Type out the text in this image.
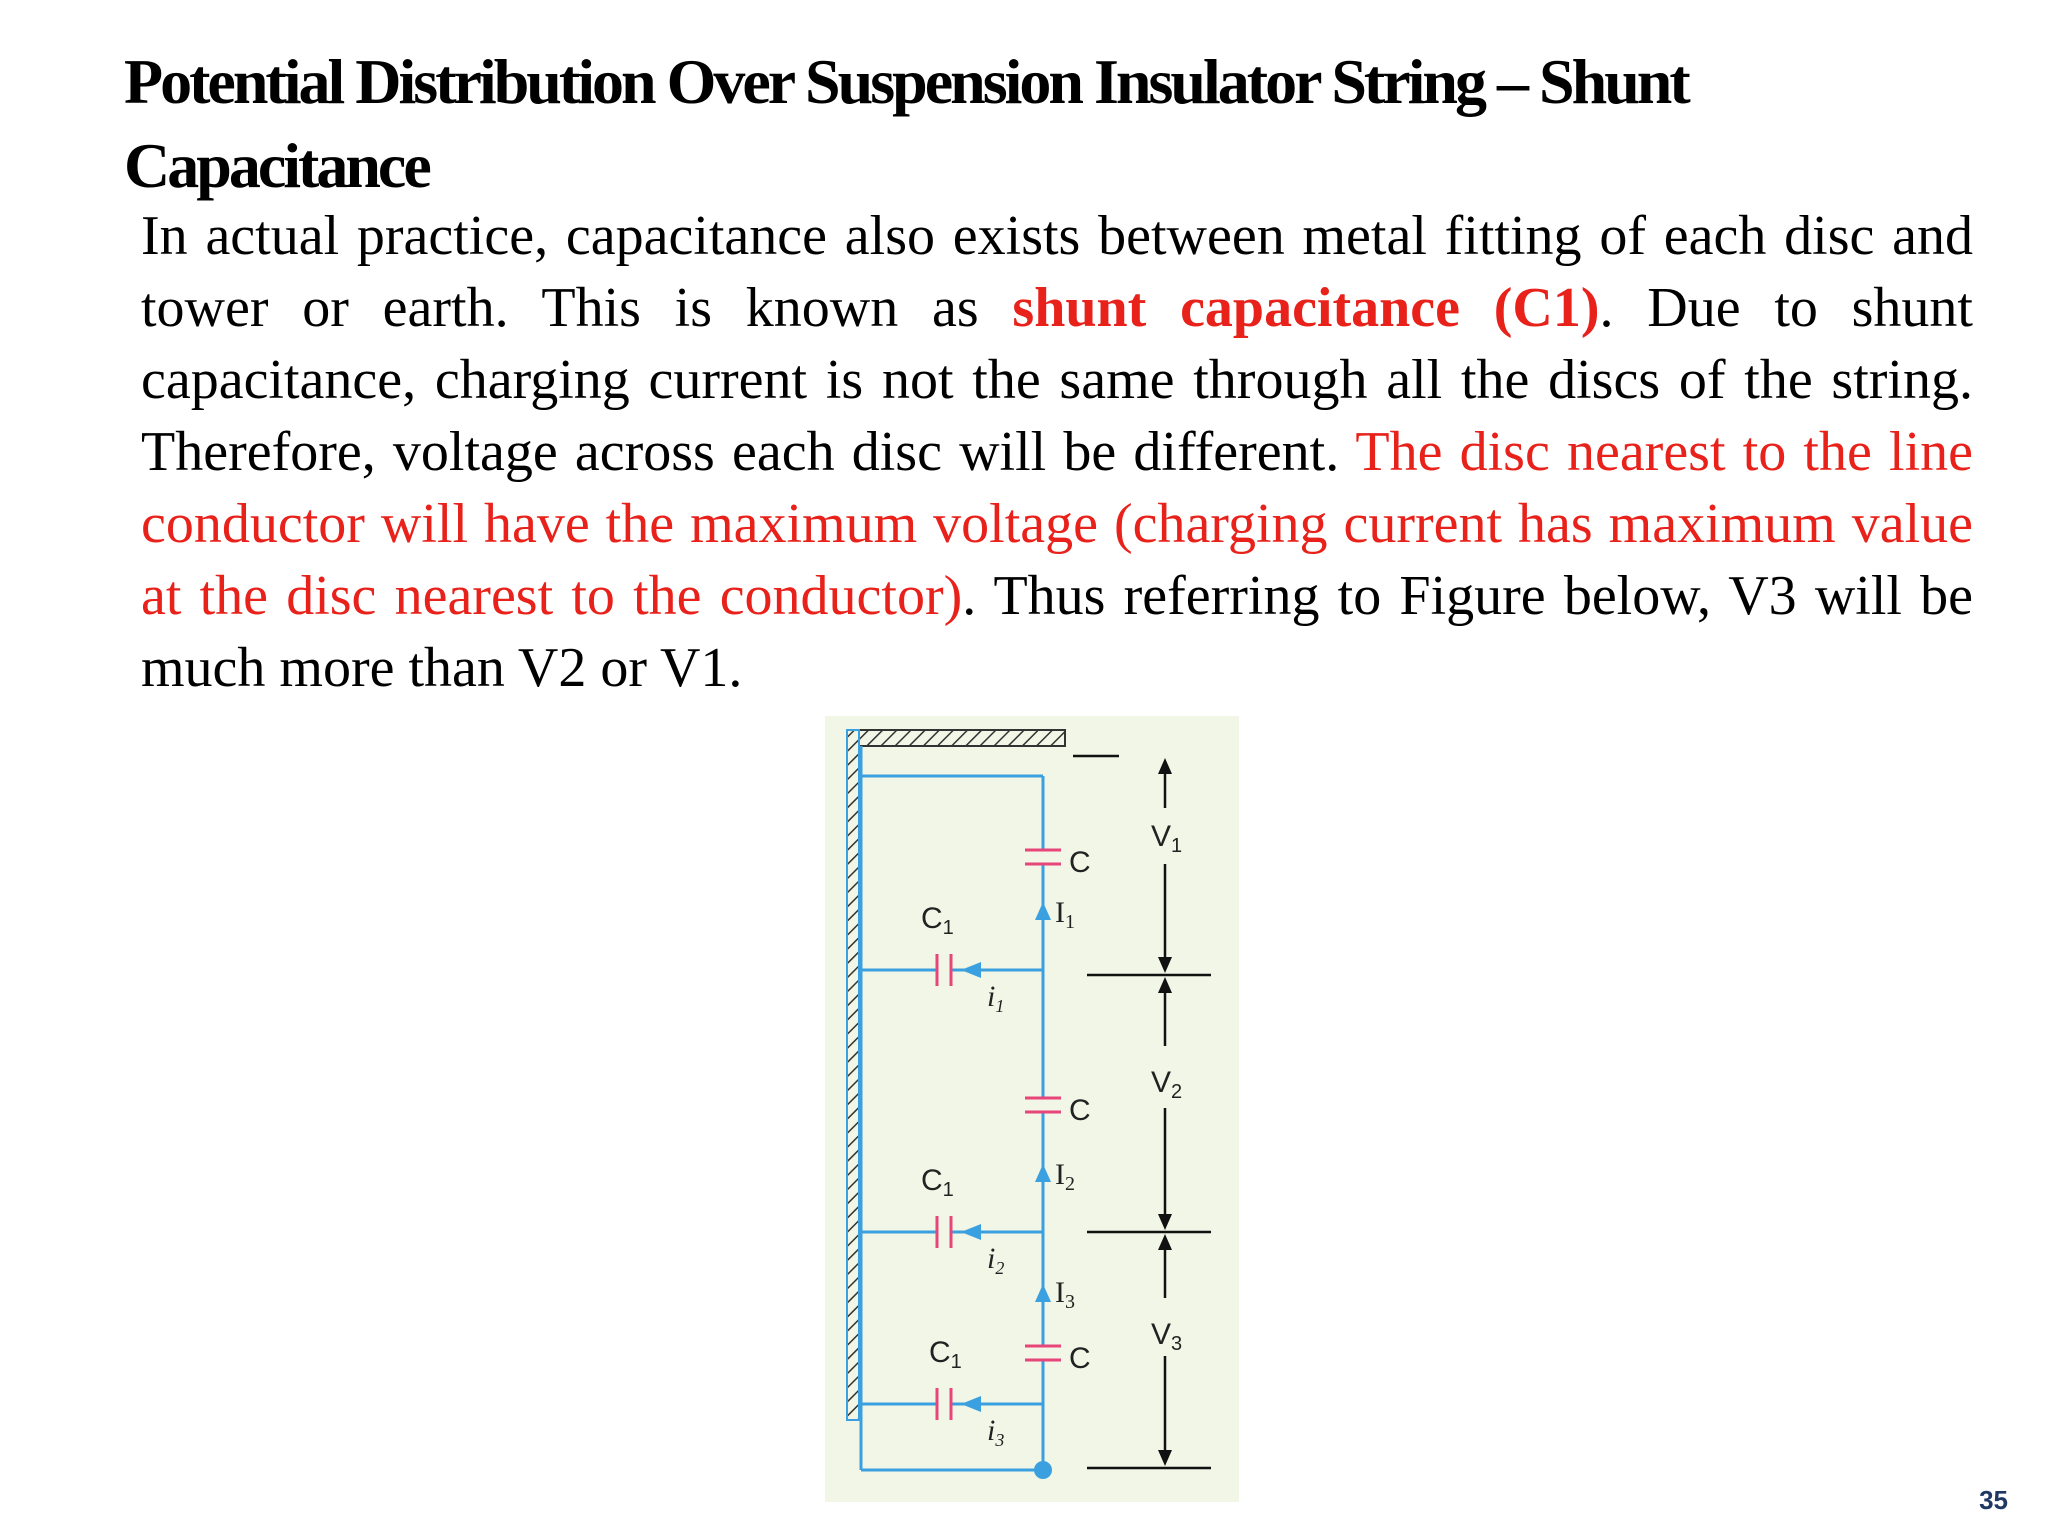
Potential Distribution Over Suspension Insulator String – Shunt Capacitance
In actual practice, capacitance also exists between metal fitting of each disc and tower or earth. This is known as shunt capacitance (C1). Due to shunt capacitance, charging current is not the same through all the discs of the string. Therefore, voltage across each disc will be different. The disc nearest to the line conductor will have the maximum voltage (charging current has maximum value at the disc nearest to the conductor). Thus referring to Figure below, V3 will be much more than V2 or V1.
C
C
C
$C_1$
$C_1$
$C_1$
$I_1$
$I_2$
$I_3$
$i_1$
$i_2$
$i_3$
$V_1$
$V_2$
$V_3$
35
